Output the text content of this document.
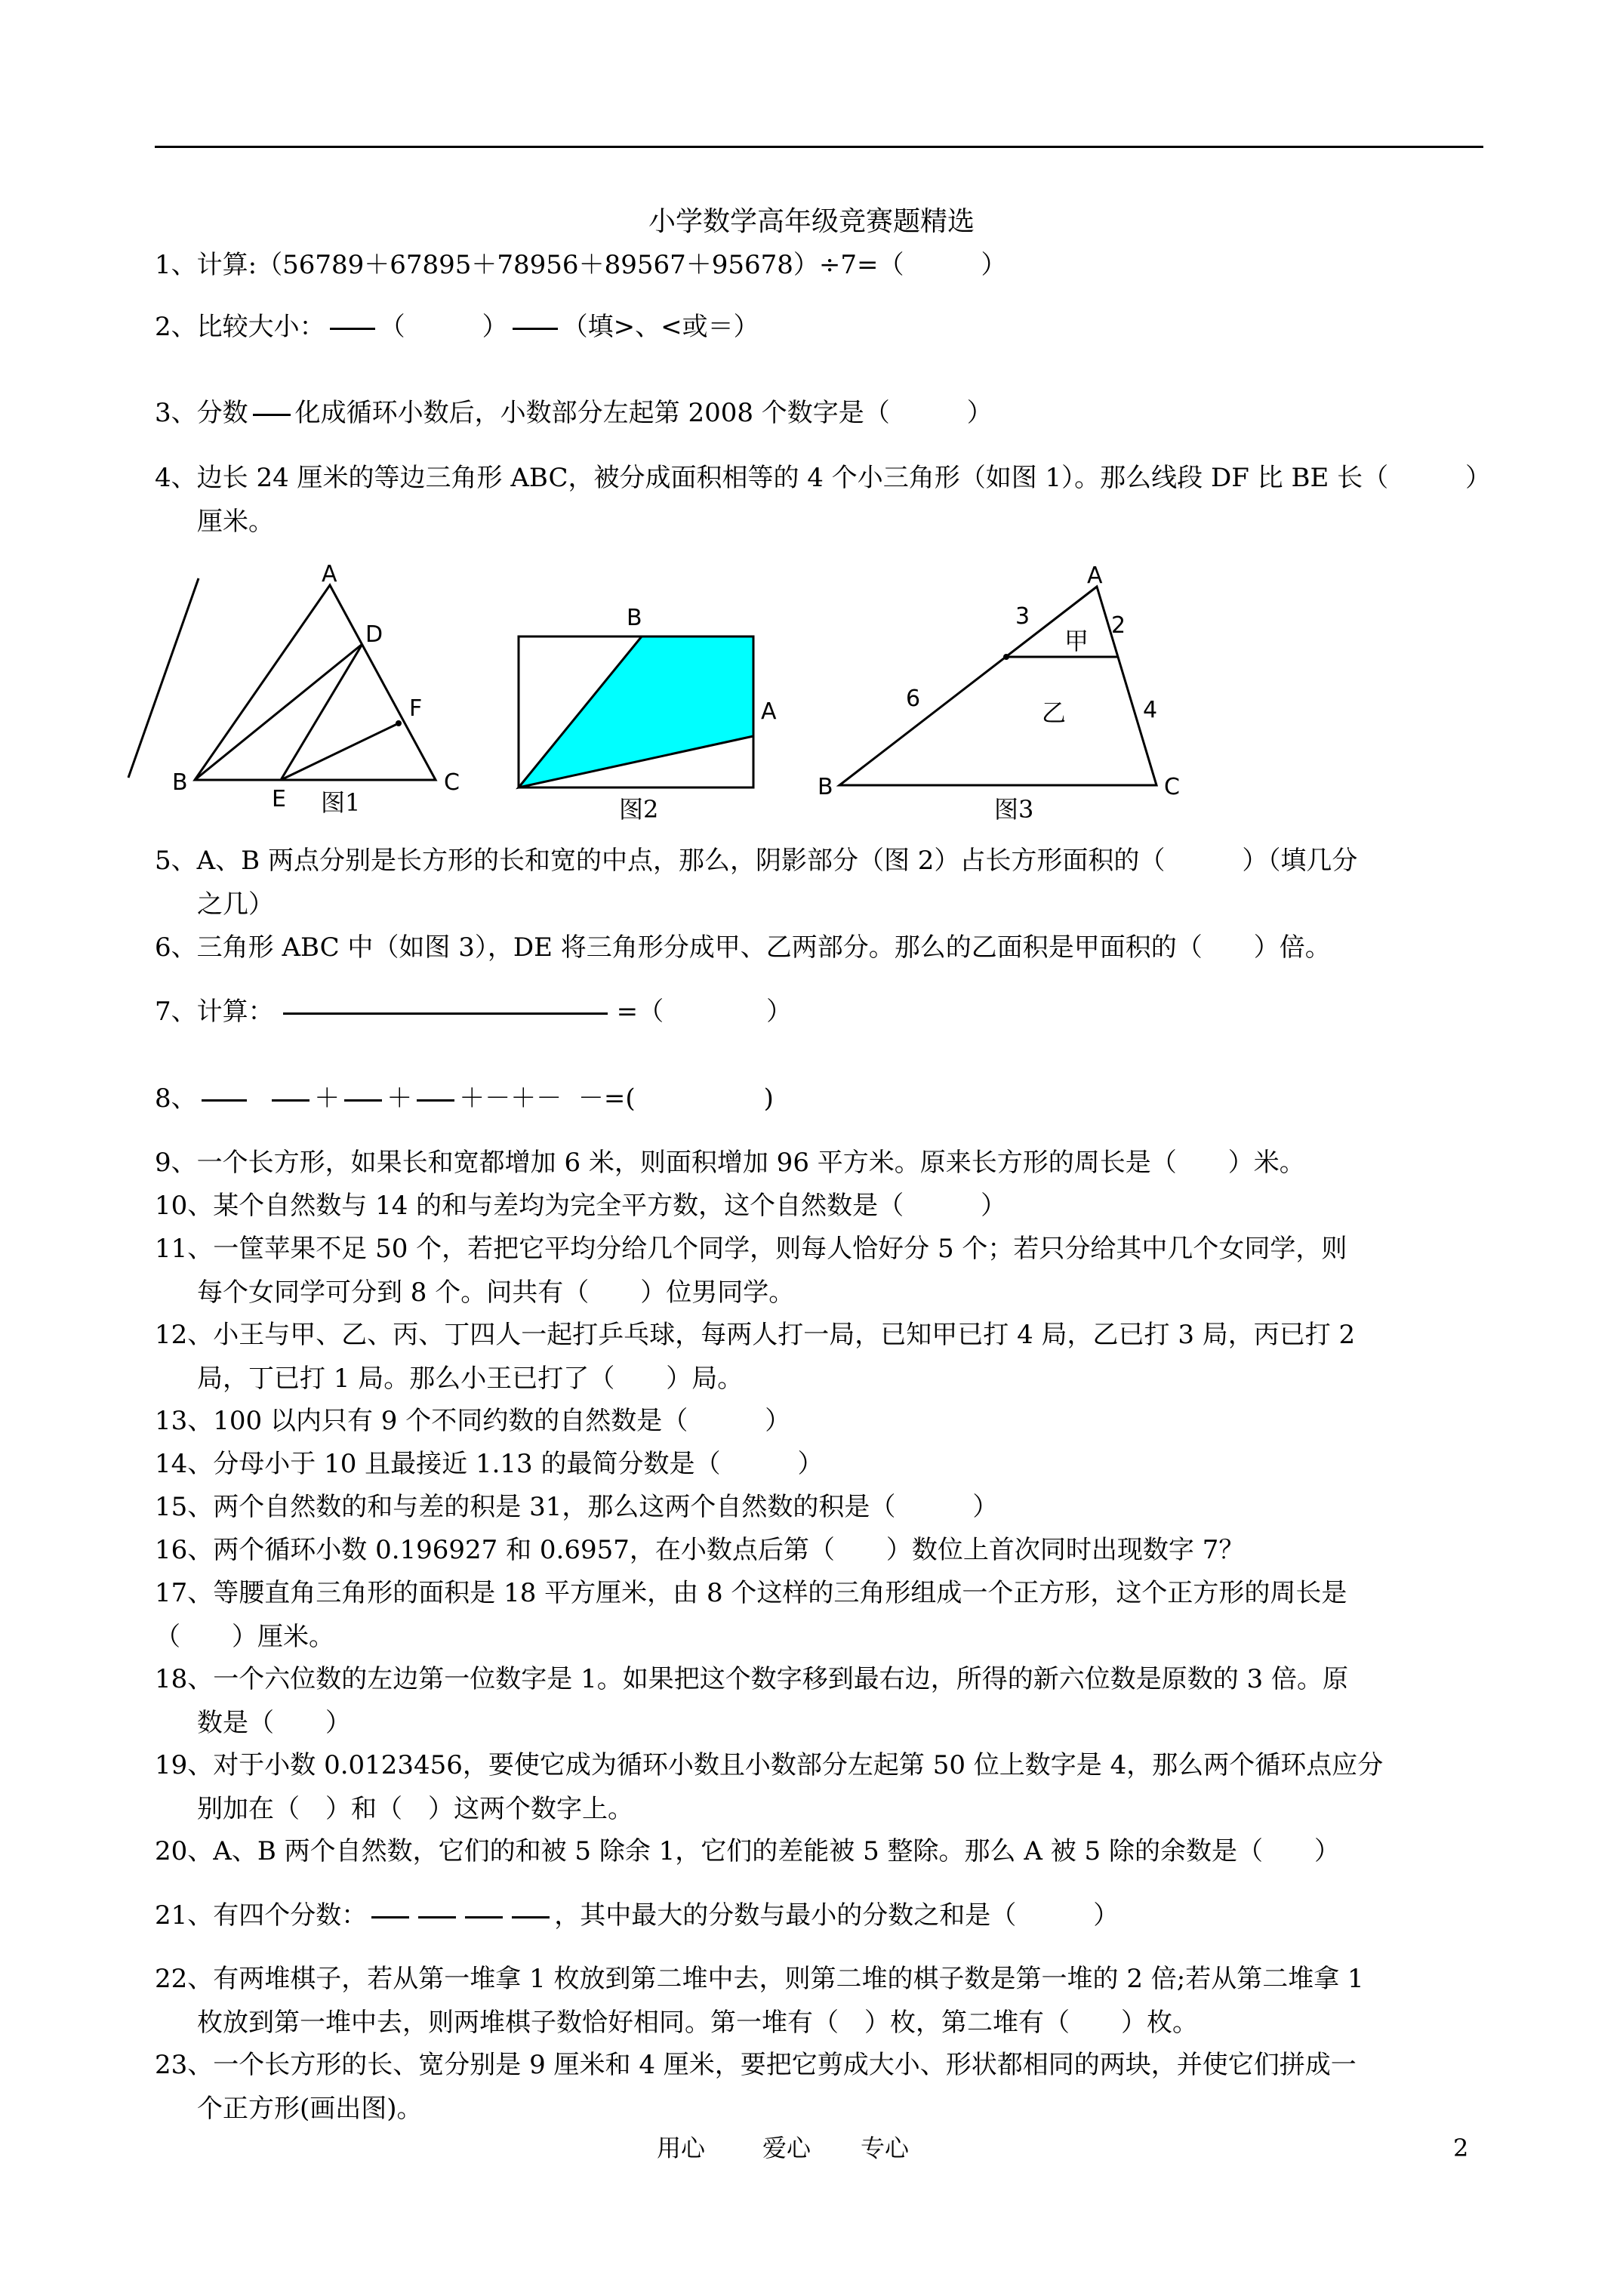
小学数学高年级竞赛题精选
1、计算:（56789＋67895＋78956＋89567＋95678）÷7=（　　　）
2、比较大小： （　　　） （填>、<或＝）
3、分数 化成循环小数后，小数部分左起第 2008 个数字是（　　　）
4、边长 24 厘米的等边三角形 ABC，被分成面积相等的 4 个小三角形（如图 1）。那么线段 DF 比 BE 长（　　　）
厘米。
A
D
F
B
E
C
图1
B
A
图2
A
3	2
甲
6	乙	4
B	C
图3
5、A、B 两点分别是长方形的长和宽的中点，那么，阴影部分（图 2）占长方形面积的（　　　）（填几分
之几）
6、三角形 ABC 中（如图 3），DE 将三角形分成甲、乙两部分。那么的乙面积是甲面积的（　　）倍。
7、计算：	=（　　　　）
8、	＋ ＋ ＋－＋－ －=(　　　　　)
9、一个长方形，如果长和宽都增加 6 米，则面积增加 96 平方米。原来长方形的周长是（　　）米。
10、某个自然数与 14 的和与差均为完全平方数，这个自然数是（　　　）
11、一筐苹果不足 50 个，若把它平均分给几个同学，则每人恰好分 5 个；若只分给其中几个女同学，则
每个女同学可分到 8 个。问共有（　　）位男同学。
12、小王与甲、乙、丙、丁四人一起打乒乓球，每两人打一局，已知甲已打 4 局，乙已打 3 局，丙已打 2
局，丁已打 1 局。那么小王已打了（　　）局。
13、100 以内只有 9 个不同约数的自然数是（　　　）
14、分母小于 10 且最接近 1.13 的最简分数是（　　　）
15、两个自然数的和与差的积是 31，那么这两个自然数的积是（　　　）
16、两个循环小数 0.196927 和 0.6957，在小数点后第（　　）数位上首次同时出现数字 7？
17、等腰直角三角形的面积是 18 平方厘米，由 8 个这样的三角形组成一个正方形，这个正方形的周长是
（　　）厘米。
18、一个六位数的左边第一位数字是 1。如果把这个数字移到最右边，所得的新六位数是原数的 3 倍。原
数是（　　）
19、对于小数 0.0123456，要使它成为循环小数且小数部分左起第 50 位上数字是 4，那么两个循环点应分
别加在（　）和（　）这两个数字上。
20、A、B 两个自然数，它们的和被 5 除余 1，它们的差能被 5 整除。那么 A 被 5 除的余数是（　　）
21、有四个分数：	，其中最大的分数与最小的分数之和是（　　　）
22、有两堆棋子，若从第一堆拿 1 枚放到第二堆中去，则第二堆的棋子数是第一堆的 2 倍;若从第二堆拿 1
枚放到第一堆中去，则两堆棋子数恰好相同。第一堆有（　）枚，第二堆有（　　）枚。
23、一个长方形的长、宽分别是 9 厘米和 4 厘米，要把它剪成大小、形状都相同的两块，并使它们拼成一
个正方形(画出图)。
用心 爱心 专心	2
